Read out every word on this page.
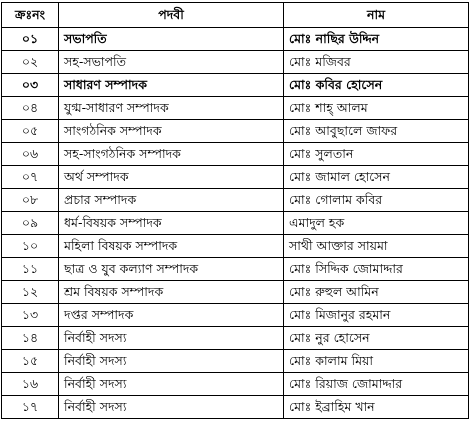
ক্রঃনং	পদবী	নাম
০১	সভাপতি	মোঃ নাছির উদ্দিন
০২	সহ-সভাপতি	মোঃ মজিবর
০৩	সাধারণ সম্পাদক	মোঃ কবির হোসেন
০৪	যুগ্ম-সাধারণ সম্পাদক	মোঃ শাহ্ আলম
০৫	সাংগঠনিক সম্পাদক	মোঃ আবুছালে জাফর
০৬	সহ-সাংগঠনিক সম্পাদক	মোঃ সুলতান
০৭	অর্থ সম্পাদক	মোঃ জামাল হোসেন
০৮	প্রচার সম্পাদক	মোঃ গোলাম কবির
০৯	ধর্ম-বিষয়ক সম্পাদক	এমাদুল হক
১০	মহিলা বিষয়ক সম্পাদক	সাথী আক্তার সায়মা
১১	ছাত্র ও যুব কল্যাণ সম্পাদক	মোঃ সিদ্দিক জোমাদ্দার
১২	শ্রম বিষয়ক সম্পাদক	মোঃ রুহুল আমিন
১৩	দপ্তর সম্পাদক	মোঃ মিজানুর রহমান
১৪	নির্বাহী সদস্য	মোঃ নুর হোসেন
১৫	নির্বাহী সদস্য	মোঃ কালাম মিয়া
১৬	নির্বাহী সদস্য	মোঃ রিয়াজ জোমাদ্দার
১৭	নির্বাহী সদস্য	মোঃ ইব্রাহিম খান
